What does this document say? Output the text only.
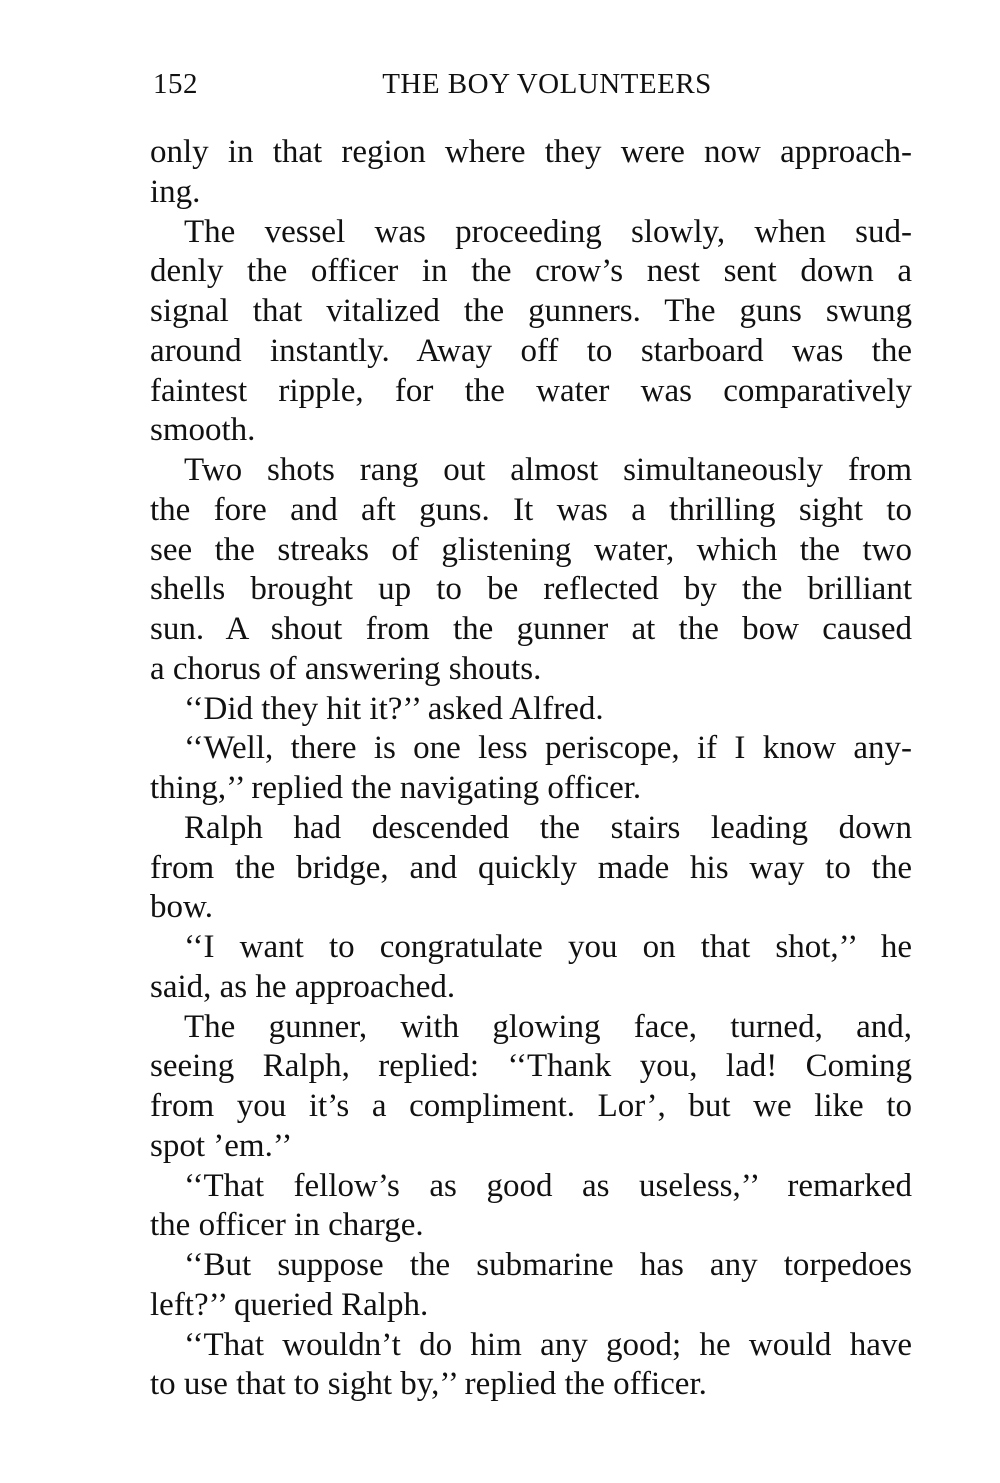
152	THE BOY VOLUNTEERS

only in that region where they were now approach-
ing.

The vessel was proceeding slowly, when sud-
denly the officer in the crow’s nest sent down a
signal that vitalized the gunners. The guns swung
around instantly. Away off to starboard was the
faintest ripple, for the water was comparatively
smooth.

Two shots rang out almost simultaneously from
the fore and aft guns. It was a thrilling sight to
see the streaks of glistening water, which the two
shells brought up to be reflected by the brilliant
sun. A shout from the gunner at the bow caused
a chorus of answering shouts.

‘‘Did they hit it?’’ asked Alfred.

‘‘Well, there is one less periscope, if I know any-
thing,’’ replied the navigating officer.

Ralph had descended the stairs leading down
from the bridge, and quickly made his way to the
bow.

‘‘I want to congratulate you on that shot,’’ he
said, as he approached.

The gunner, with glowing face, turned, and,
seeing Ralph, replied: ‘‘Thank you, lad! Coming
from you it’s a compliment. Lor’, but we like to
spot ’em.’’

‘‘That fellow’s as good as useless,’’ remarked
the officer in charge.

‘‘But suppose the submarine has any torpedoes
left?’’ queried Ralph.

‘‘That wouldn’t do him any good; he would have
to use that to sight by,’’ replied the officer.
